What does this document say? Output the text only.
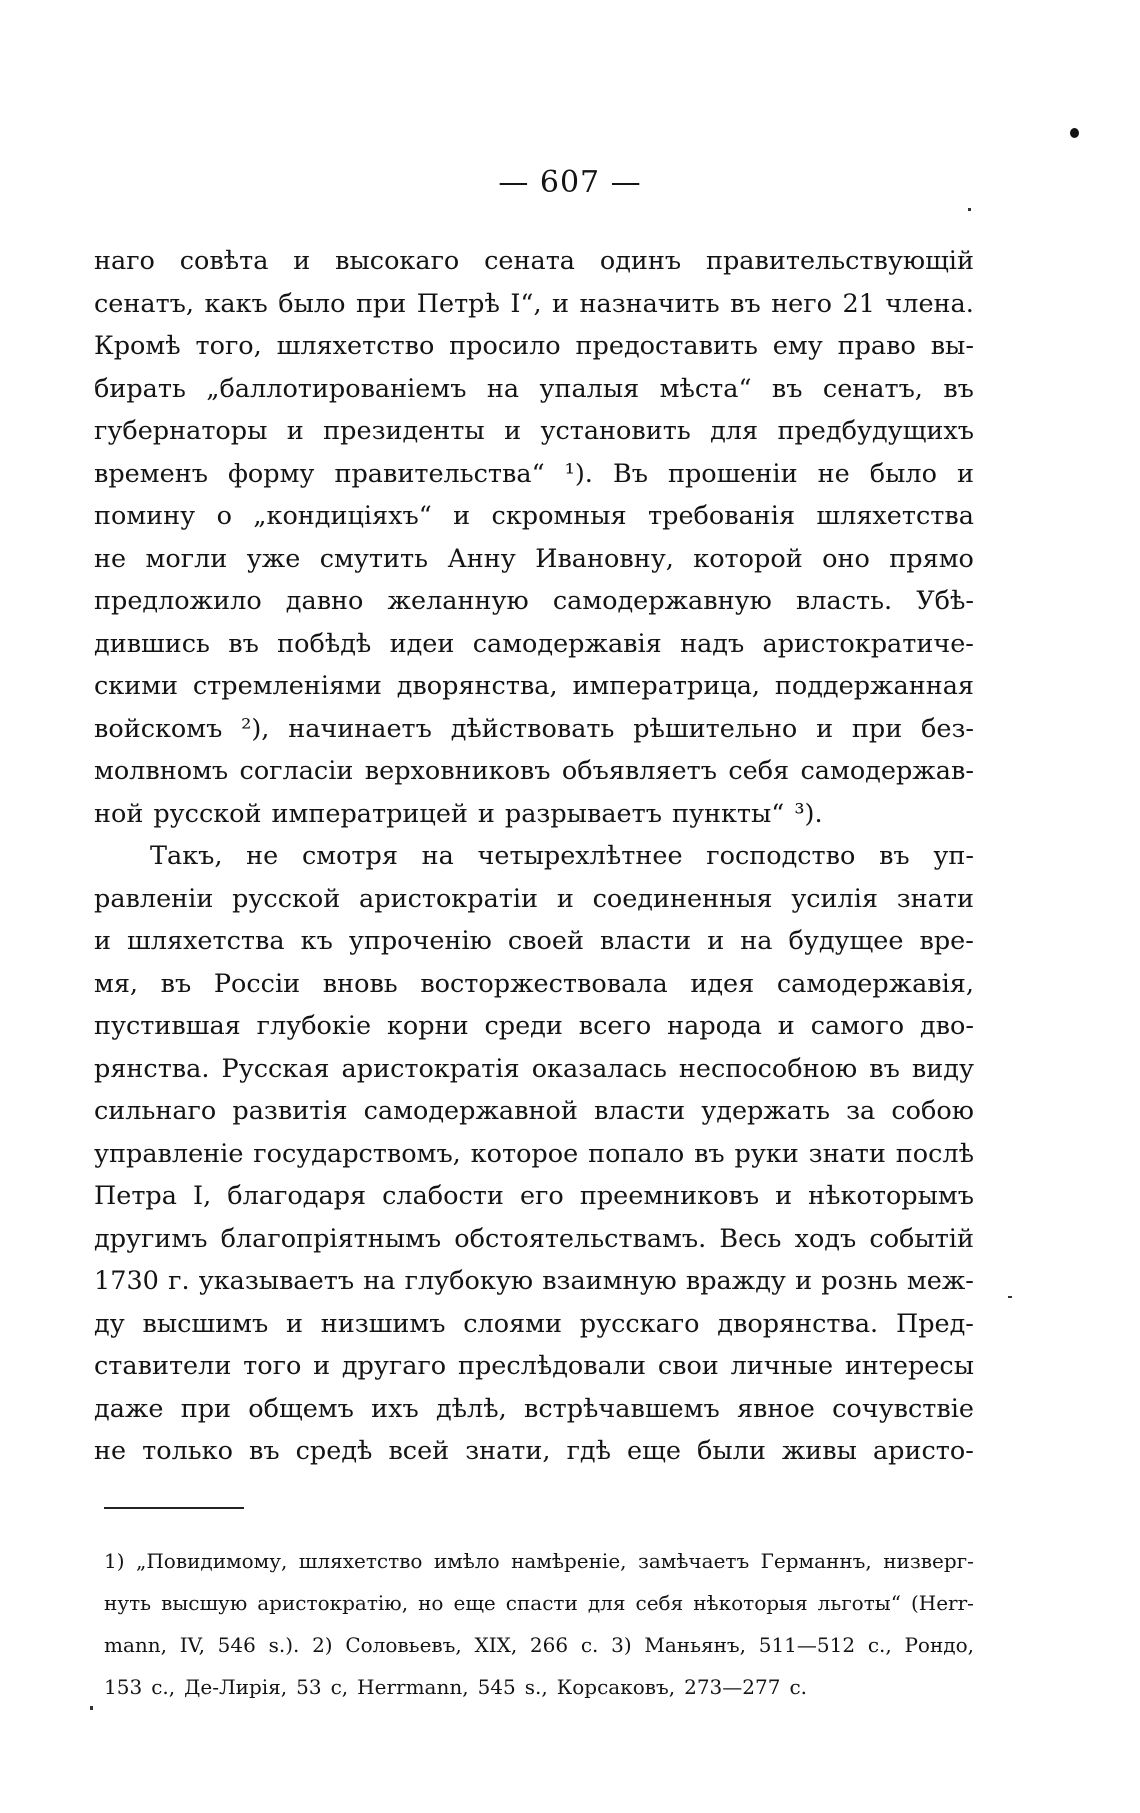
— 607 —
наго совѣта и высокаго сената одинъ правительствующій
сенатъ, какъ было при Петрѣ I“, и назначить въ него 21 члена.
Кромѣ того, шляхетство просило предоставить ему право вы-
бирать „баллотированіемъ на упалыя мѣста“ въ сенатъ, въ
губернаторы и президенты и установить для предбудущихъ
временъ форму правительства“ ¹). Въ прошеніи не было и
помину о „кондиціяхъ“ и скромныя требованія шляхетства
не могли уже смутить Анну Ивановну, которой оно прямо
предложило давно желанную самодержавную власть. Убѣ-
дившись въ побѣдѣ идеи самодержавія надъ аристократиче-
скими стремленіями дворянства, императрица, поддержанная
войскомъ ²), начинаетъ дѣйствовать рѣшительно и при без-
молвномъ согласіи верховниковъ объявляетъ себя самодержав-
ной русской императрицей и разрываетъ пункты“ ³).
Такъ, не смотря на четырехлѣтнее господство въ уп-
равленіи русской аристократіи и соединенныя усилія знати
и шляхетства къ упроченію своей власти и на будущее вре-
мя, въ Россіи вновь восторжествовала идея самодержавія,
пустившая глубокіе корни среди всего народа и самого дво-
рянства. Русская аристократія оказалась неспособною въ виду
сильнаго развитія самодержавной власти удержать за собою
управленіе государствомъ, которое попало въ руки знати послѣ
Петра I, благодаря слабости его преемниковъ и нѣкоторымъ
другимъ благопріятнымъ обстоятельствамъ. Весь ходъ событій
1730 г. указываетъ на глубокую взаимную вражду и рознь меж-
ду высшимъ и низшимъ слоями русскаго дворянства. Пред-
ставители того и другаго преслѣдовали свои личные интересы
даже при общемъ ихъ дѣлѣ, встрѣчавшемъ явное сочувствіе
не только въ средѣ всей знати, гдѣ еще были живы аристо-
1) „Повидимому, шляхетство имѣло намѣреніе, замѣчаетъ Германнъ, низверг-
нуть высшую аристократію, но еще спасти для себя нѣкоторыя льготы“ (Herr-
mann, IV, 546 s.). 2) Соловьевъ, XIX, 266 с. 3) Маньянъ, 511—512 с., Рондо,
153 с., Де-Лирія, 53 с, Herrmann, 545 s., Корсаковъ, 273—277 с.
